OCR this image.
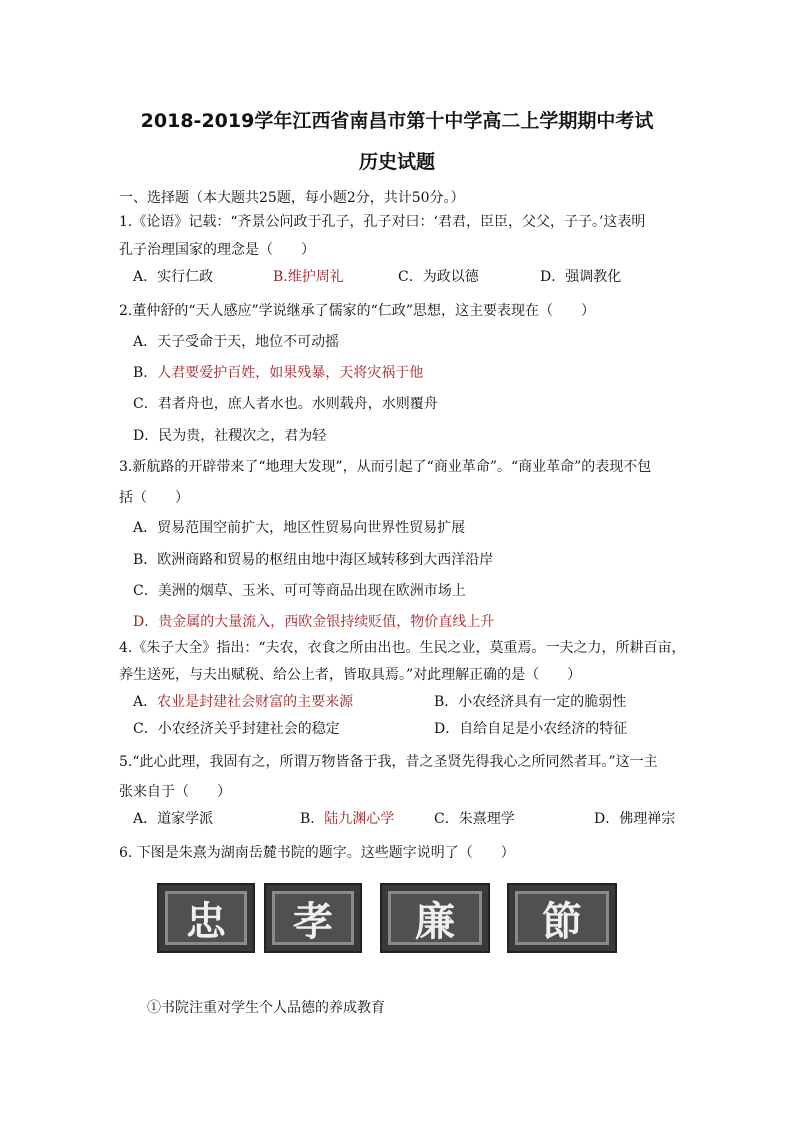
2018-2019学年江西省南昌市第十中学高二上学期期中考试
历史试题
一、选择题（本大题共25题，每小题2分，共计50分。）
1.《论语》记载：“齐景公问政于孔子，孔子对曰：‘君君，臣臣，父父，子子。’这表明
孔子治理国家的理念是（　　）
A．实行仁政	B.维护周礼	C．为政以德	D．强调教化
2.董仲舒的“天人感应”学说继承了儒家的“仁政”思想，这主要表现在（　　）
A．天子受命于天，地位不可动摇
B．人君要爱护百姓，如果残暴，天将灾祸于他
C．君者舟也，庶人者水也。水则载舟，水则覆舟
D．民为贵，社稷次之，君为轻
3.新航路的开辟带来了“地理大发现”，从而引起了“商业革命”。“商业革命”的表现不包
括（　　）
A．贸易范围空前扩大，地区性贸易向世界性贸易扩展
B．欧洲商路和贸易的枢纽由地中海区域转移到大西洋沿岸
C．美洲的烟草、玉米、可可等商品出现在欧洲市场上
D．贵金属的大量流入，西欧金银持续贬值，物价直线上升
4.《朱子大全》指出：“夫农，衣食之所由出也。生民之业，莫重焉。一夫之力，所耕百亩，
养生送死，与夫出赋税、给公上者，皆取具焉。”对此理解正确的是（　　）
A．农业是封建社会财富的主要来源	B．小农经济具有一定的脆弱性
C．小农经济关乎封建社会的稳定	D．自给自足是小农经济的特征
5.“此心此理，我固有之，所谓万物皆备于我，昔之圣贤先得我心之所同然者耳。”这一主
张来自于（　　）
A．道家学派	B．陆九渊心学	C．朱熹理学	D．佛理禅宗
6. 下图是朱熹为湖南岳麓书院的题字。这些题字说明了（　　）
忠 孝 廉 節
①书院注重对学生个人品德的养成教育
